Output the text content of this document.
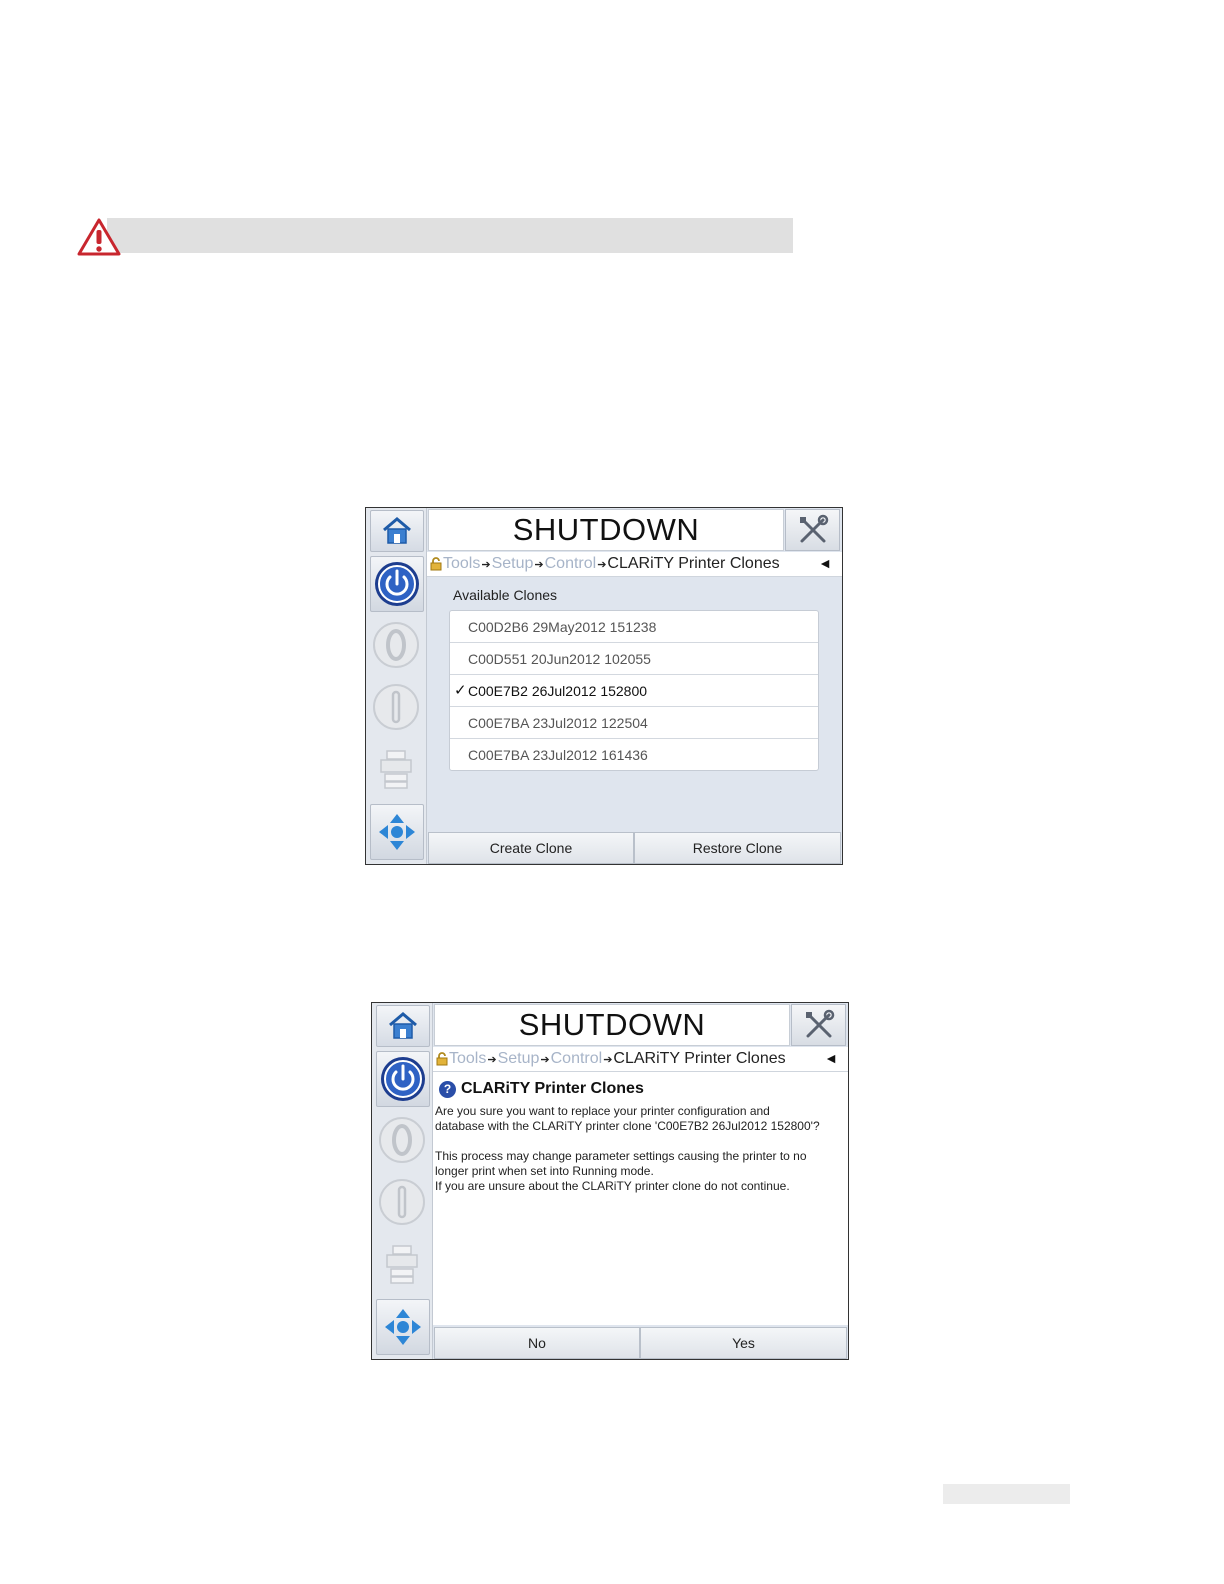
SHUTDOWN
Tools ➔ Setup ➔ Control ➔ CLARiTY Printer Clones	◄
Available Clones
C00D2B6 29May2012 151238
C00D551 20Jun2012 102055
✓ C00E7B2 26Jul2012 152800
C00E7BA 23Jul2012 122504
C00E7BA 23Jul2012 161436
Create Clone	Restore Clone
SHUTDOWN
Tools ➔ Setup ➔ Control ➔ CLARiTY Printer Clones	◄
? CLARiTY Printer Clones

Are you sure you want to replace your printer configuration and

database with the CLARiTY printer clone 'C00E7B2 26Jul2012 152800'?

This process may change parameter settings causing the printer to no

longer print when set into Running mode.

If you are unsure about the CLARiTY printer clone do not continue.

No	Yes
